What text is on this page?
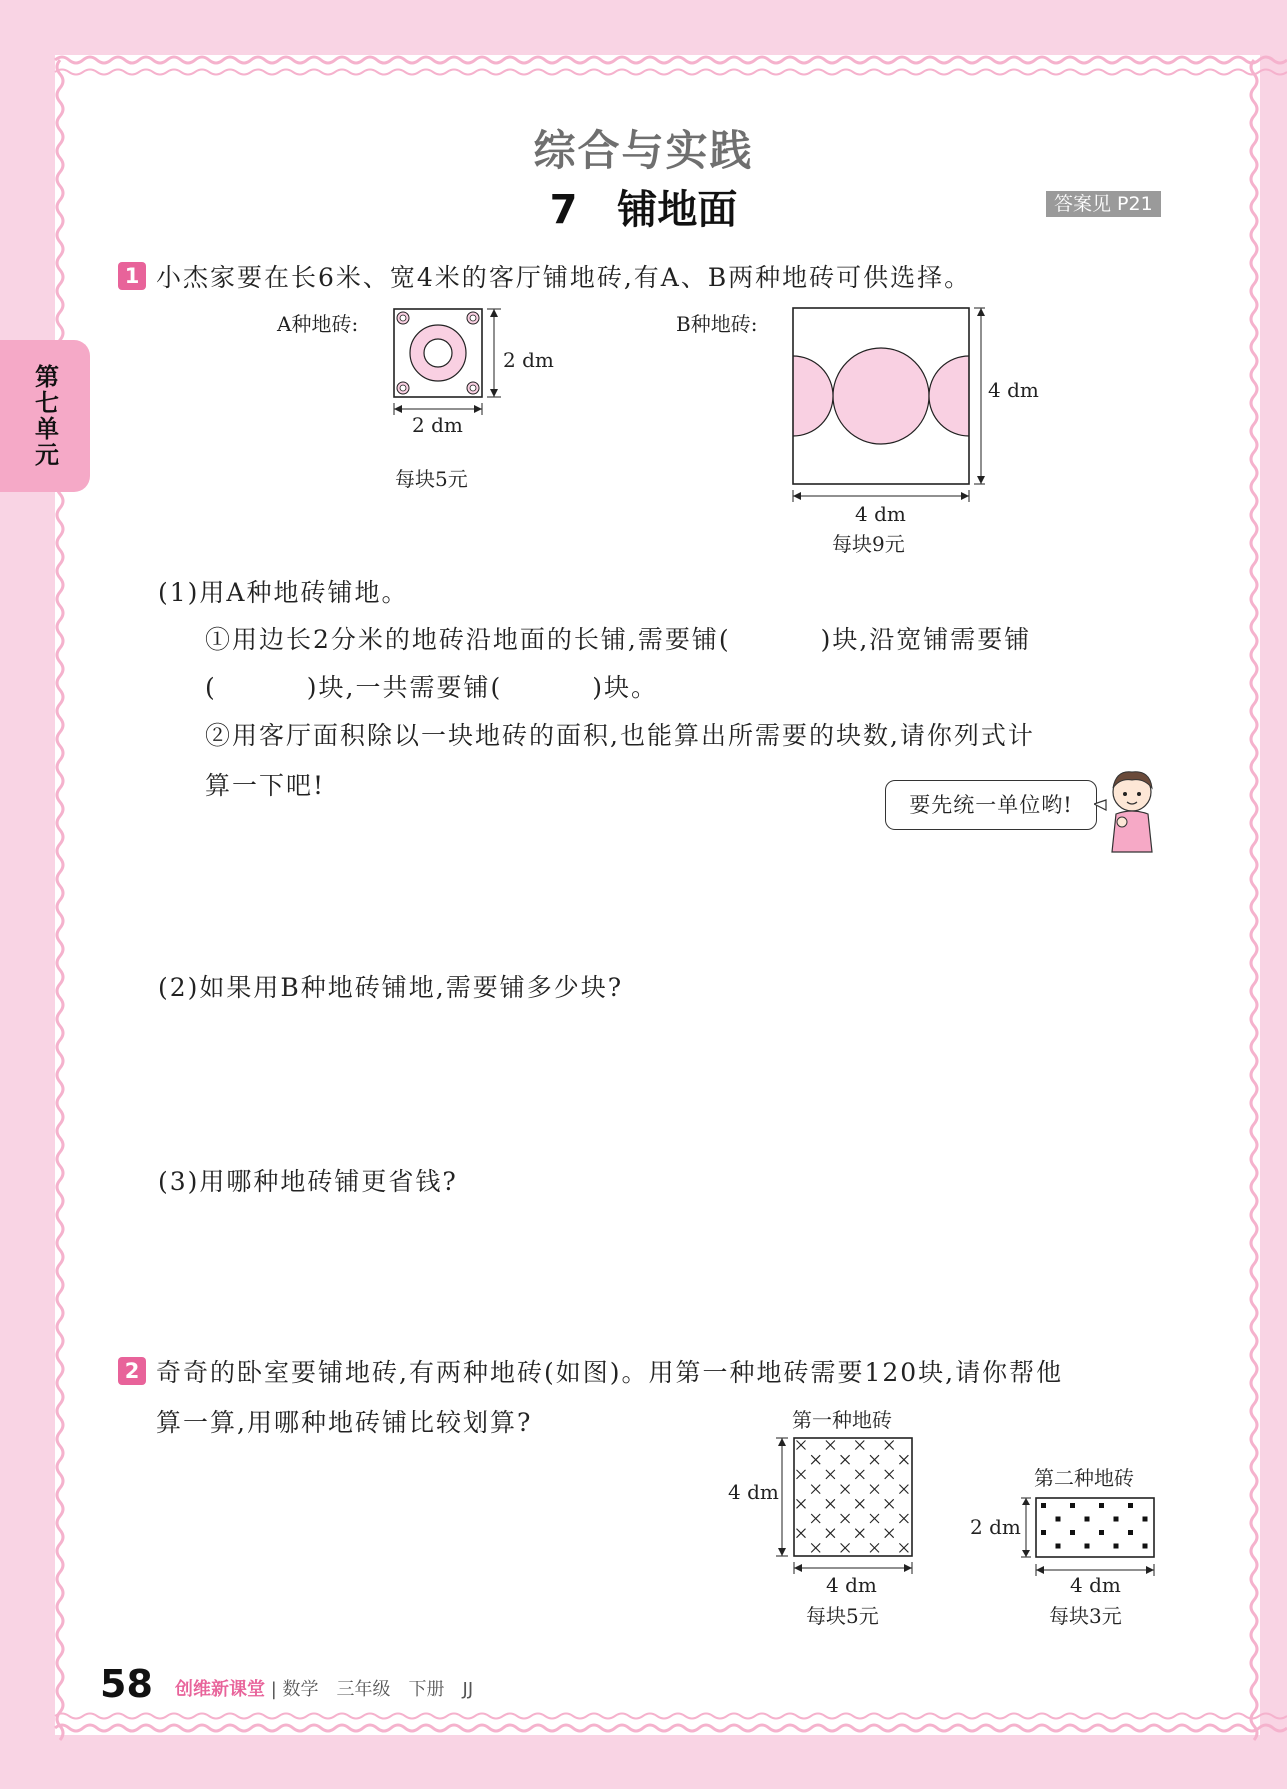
综合与实践
7　铺地面	答案见 P21
第七单元
1 小杰家要在长6米、宽4米的客厅铺地砖,有A、B两种地砖可供选择。
A种地砖:
2 dm
2 dm
每块5元
B种地砖:
4 dm
4 dm
每块9元
(1)用A种地砖铺地。
①用边长2分米的地砖沿地面的长铺,需要铺(	)块,沿宽铺需要铺
(	)块,一共需要铺(	)块。
②用客厅面积除以一块地砖的面积,也能算出所需要的块数,请你列式计
算一下吧!
要先统一单位哟!
(2)如果用B种地砖铺地,需要铺多少块?
(3)用哪种地砖铺更省钱?
2 奇奇的卧室要铺地砖,有两种地砖(如图)。用第一种地砖需要120块,请你帮他
算一算,用哪种地砖铺比较划算?	第一种地砖
4 dm
4 dm
每块5元
第二种地砖
2 dm
4 dm
每块3元
58 创维新课堂 | 数学　三年级　下册　JJ
